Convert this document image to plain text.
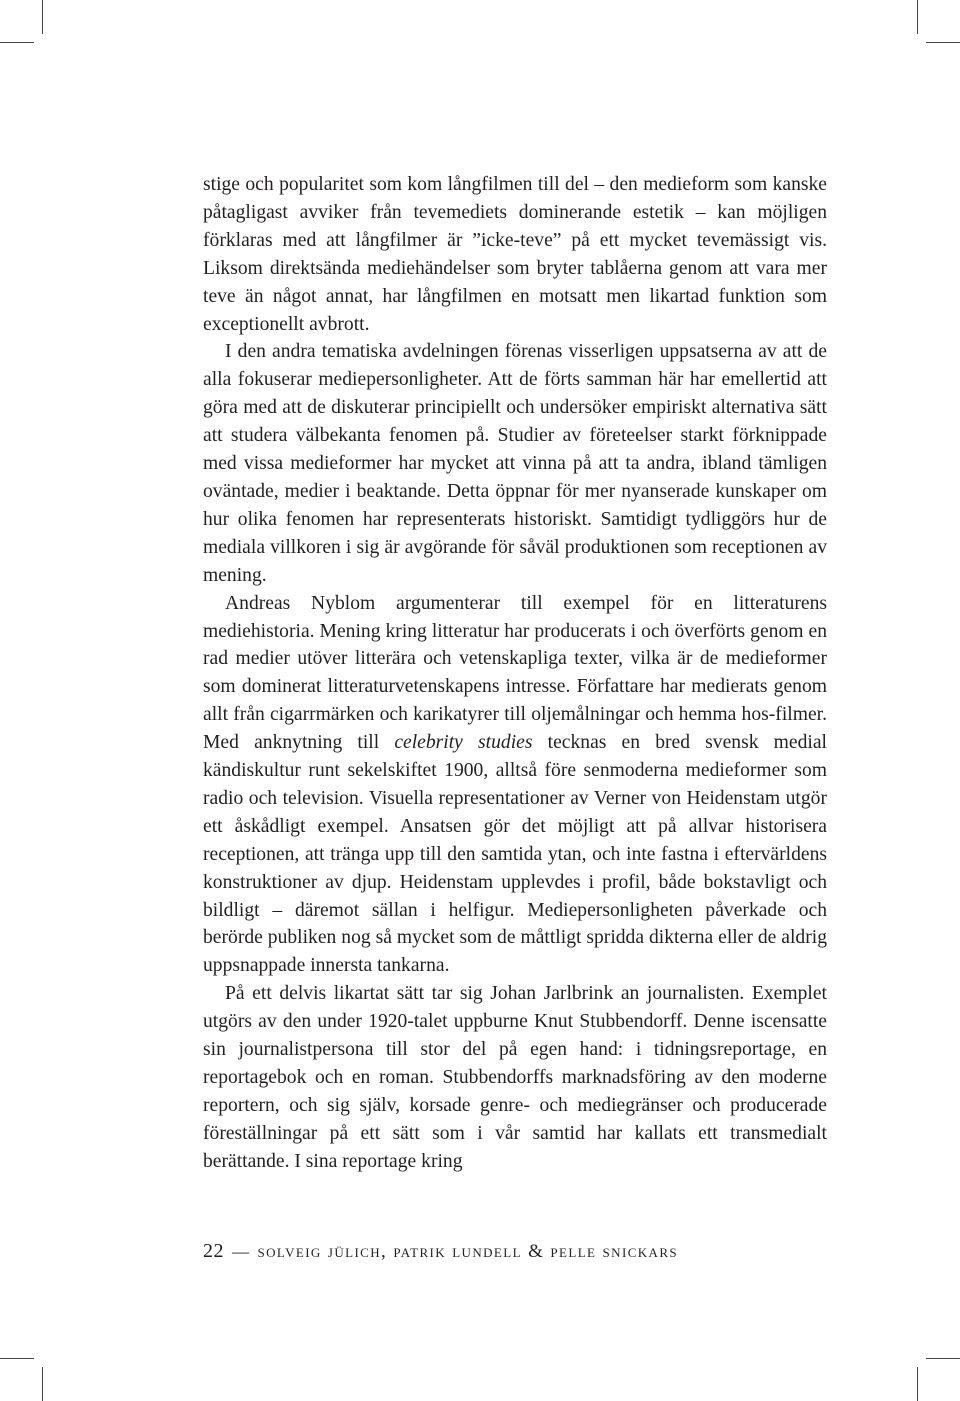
stige och popularitet som kom långfilmen till del – den medieform som kanske påtagligast avviker från tevemediets dominerande estetik – kan möjligen förklaras med att långfilmer är ”icke-teve” på ett mycket tevemässigt vis. Liksom direktsända mediehändelser som bryter tablåerna genom att vara mer teve än något annat, har långfilmen en motsatt men likartad funktion som exceptionellt avbrott.

I den andra tematiska avdelningen förenas visserligen uppsatserna av att de alla fokuserar mediepersonligheter. Att de förts samman här har emellertid att göra med att de diskuterar principiellt och undersöker empiriskt alternativa sätt att studera välbekanta fenomen på. Studier av företeelser starkt förknippade med vissa medieformer har mycket att vinna på att ta andra, ibland tämligen oväntade, medier i beaktande. Detta öppnar för mer nyanserade kunskaper om hur olika fenomen har representerats historiskt. Samtidigt tydliggörs hur de mediala villkoren i sig är avgörande för såväl produktionen som receptionen av mening.

Andreas Nyblom argumenterar till exempel för en litteraturens mediehistoria. Mening kring litteratur har producerats i och överförts genom en rad medier utöver litterära och vetenskapliga texter, vilka är de medieformer som dominerat litteraturvetenskapens intresse. Författare har medierats genom allt från cigarrmärken och karikatyrer till oljemålningar och hemma hos-filmer. Med anknytning till celebrity studies tecknas en bred svensk medial kändiskultur runt sekelskiftet 1900, alltså före senmoderna medieformer som radio och television. Visuella representationer av Verner von Heidenstam utgör ett åskådligt exempel. Ansatsen gör det möjligt att på allvar historisera receptionen, att tränga upp till den samtida ytan, och inte fastna i eftervärldens konstruktioner av djup. Heidenstam upplevdes i profil, både bokstavligt och bildligt – däremot sällan i helfigur. Mediepersonligheten påverkade och berörde publiken nog så mycket som de måttligt spridda dikterna eller de aldrig uppsnappade innersta tankarna.

På ett delvis likartat sätt tar sig Johan Jarlbrink an journalisten. Exemplet utgörs av den under 1920-talet uppburne Knut Stubbendorff. Denne iscensatte sin journalistpersona till stor del på egen hand: i tidningsreportage, en reportagebok och en roman. Stubbendorffs marknadsföring av den moderne reportern, och sig själv, korsade genre- och mediegränser och producerade föreställningar på ett sätt som i vår samtid har kallats ett transmedialt berättande. I sina reportage kring

22 — solveig jülich, patrik lundell & pelle snickars
